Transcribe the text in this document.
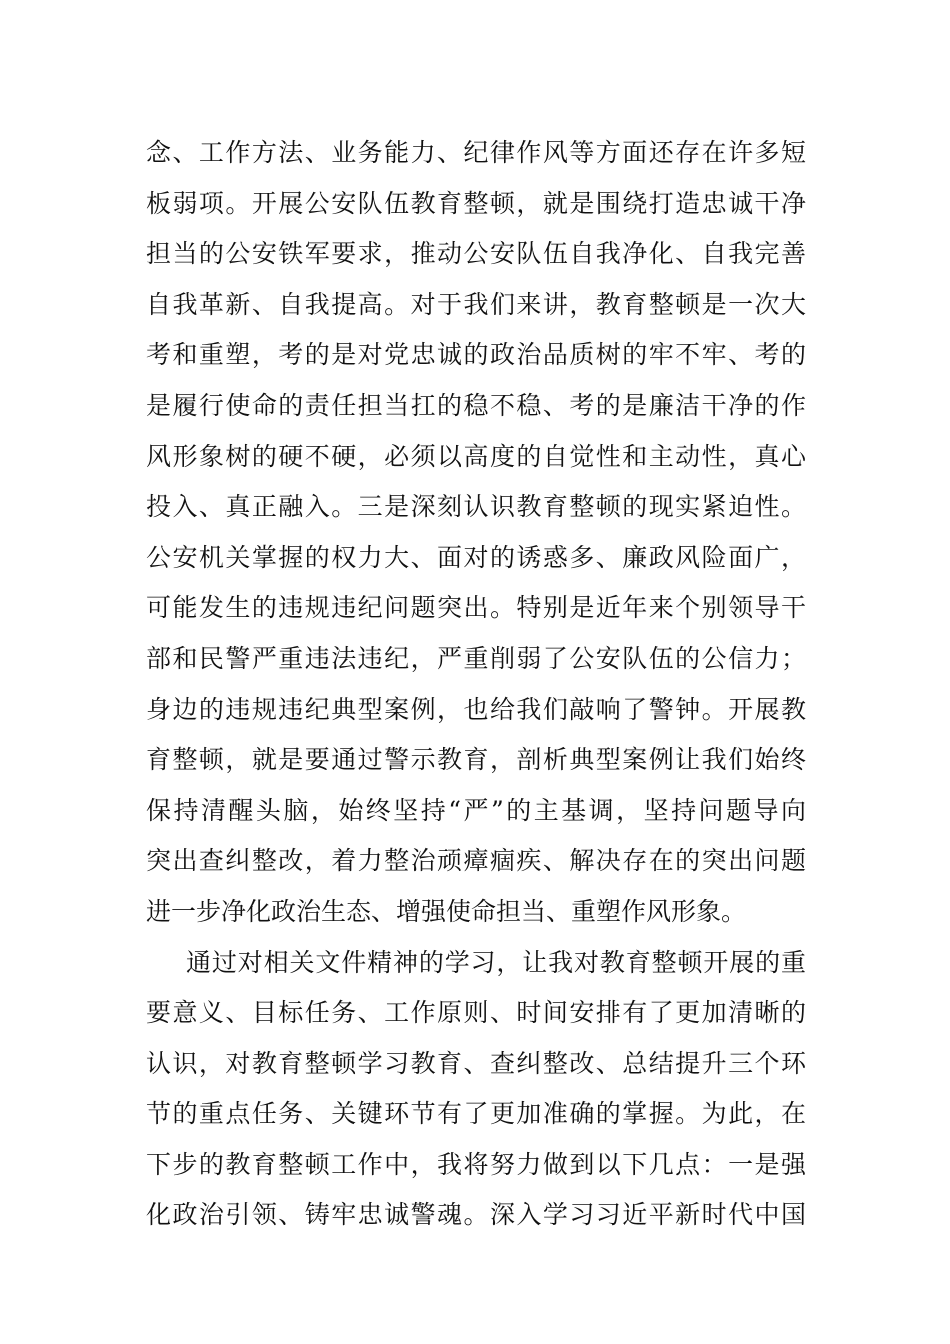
念、工作方法、业务能力、纪律作风等方面还存在许多短
板弱项。开展公安队伍教育整顿，就是围绕打造忠诚干净
担当的公安铁军要求，推动公安队伍自我净化、自我完善
自我革新、自我提高。对于我们来讲，教育整顿是一次大
考和重塑，考的是对党忠诚的政治品质树的牢不牢、考的
是履行使命的责任担当扛的稳不稳、考的是廉洁干净的作
风形象树的硬不硬，必须以高度的自觉性和主动性，真心
投入、真正融入。三是深刻认识教育整顿的现实紧迫性。
公安机关掌握的权力大、面对的诱惑多、廉政风险面广，
可能发生的违规违纪问题突出。特别是近年来个别领导干
部和民警严重违法违纪，严重削弱了公安队伍的公信力；
身边的违规违纪典型案例，也给我们敲响了警钟。开展教
育整顿，就是要通过警示教育，剖析典型案例让我们始终
保持清醒头脑，始终坚持“严”的主基调，坚持问题导向
突出查纠整改，着力整治顽瘴痼疾、解决存在的突出问题
进一步净化政治生态、增强使命担当、重塑作风形象。
通过对相关文件精神的学习，让我对教育整顿开展的重
要意义、目标任务、工作原则、时间安排有了更加清晰的
认识，对教育整顿学习教育、查纠整改、总结提升三个环
节的重点任务、关键环节有了更加准确的掌握。为此，在
下步的教育整顿工作中，我将努力做到以下几点：一是强
化政治引领、铸牢忠诚警魂。深入学习习近平新时代中国
